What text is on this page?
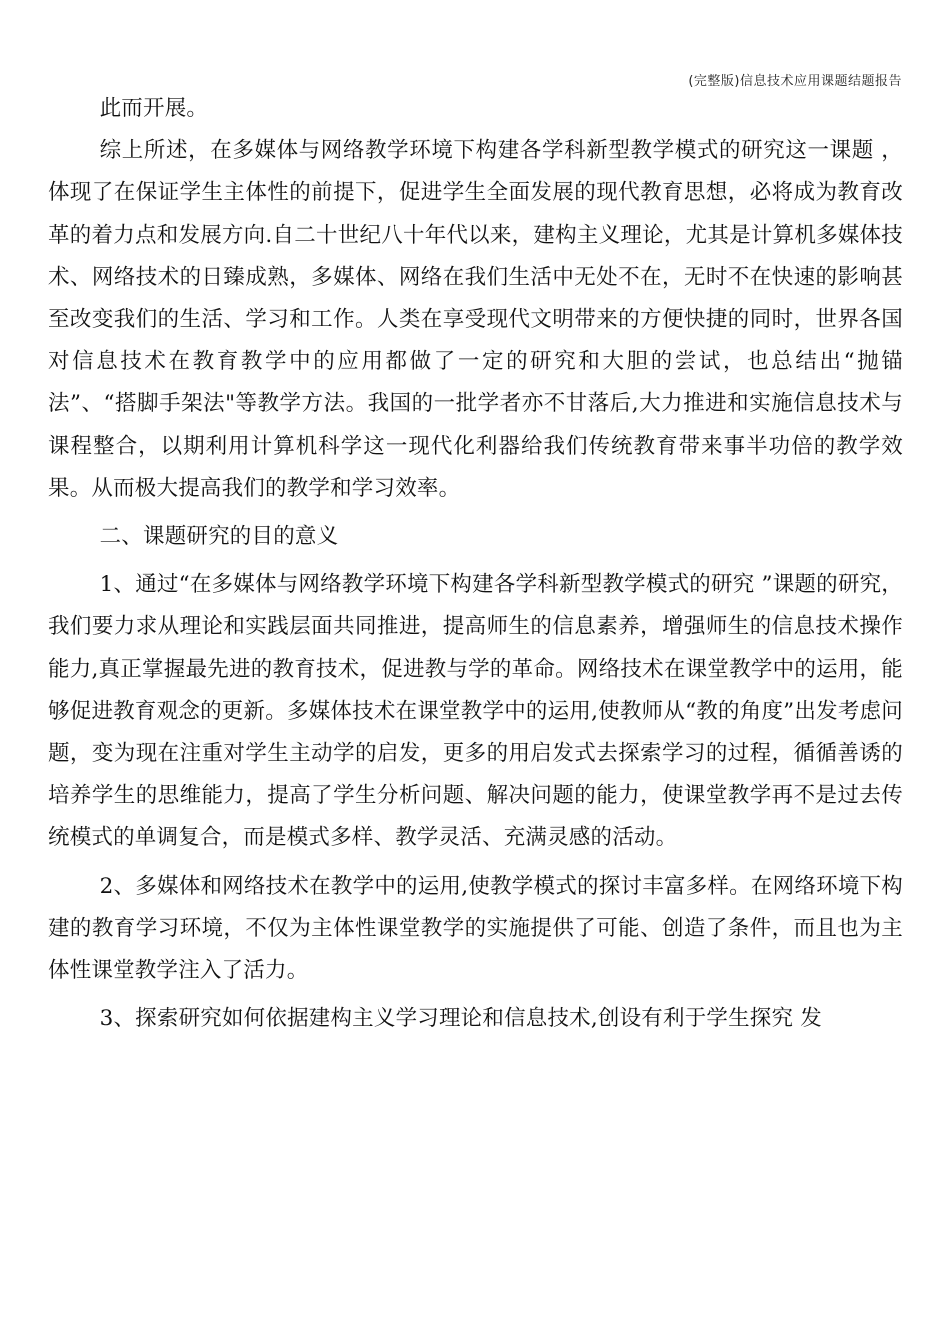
(完整版)信息技术应用课题结题报告

此而开展。

综上所述，在多媒体与网络教学环境下构建各学科新型教学模式的研究这一课题 ，体现了在保证学生主体性的前提下，促进学生全面发展的现代教育思想，必将成为教育改革的着力点和发展方向.自二十世纪八十年代以来，建构主义理论，尤其是计算机多媒体技术、网络技术的日臻成熟，多媒体、网络在我们生活中无处不在，无时不在快速的影响甚至改变我们的生活、学习和工作。人类在享受现代文明带来的方便快捷的同时，世界各国对信息技术在教育教学中的应用都做了一定的研究和大胆的尝试，也总结出“抛锚法”、“搭脚手架法"等教学方法。我国的一批学者亦不甘落后,大力推进和实施信息技术与课程整合，以期利用计算机科学这一现代化利器给我们传统教育带来事半功倍的教学效果。从而极大提高我们的教学和学习效率。

二、课题研究的目的意义

1、通过“在多媒体与网络教学环境下构建各学科新型教学模式的研究 ”课题的研究，我们要力求从理论和实践层面共同推进，提高师生的信息素养，增强师生的信息技术操作能力,真正掌握最先进的教育技术，促进教与学的革命。网络技术在课堂教学中的运用，能够促进教育观念的更新。多媒体技术在课堂教学中的运用,使教师从“教的角度”出发考虑问题，变为现在注重对学生主动学的启发，更多的用启发式去探索学习的过程，循循善诱的培养学生的思维能力，提高了学生分析问题、解决问题的能力，使课堂教学再不是过去传统模式的单调复合，而是模式多样、教学灵活、充满灵感的活动。

2、多媒体和网络技术在教学中的运用,使教学模式的探讨丰富多样。在网络环境下构建的教育学习环境，不仅为主体性课堂教学的实施提供了可能、创造了条件，而且也为主体性课堂教学注入了活力。

3、探索研究如何依据建构主义学习理论和信息技术,创设有利于学生探究 发
